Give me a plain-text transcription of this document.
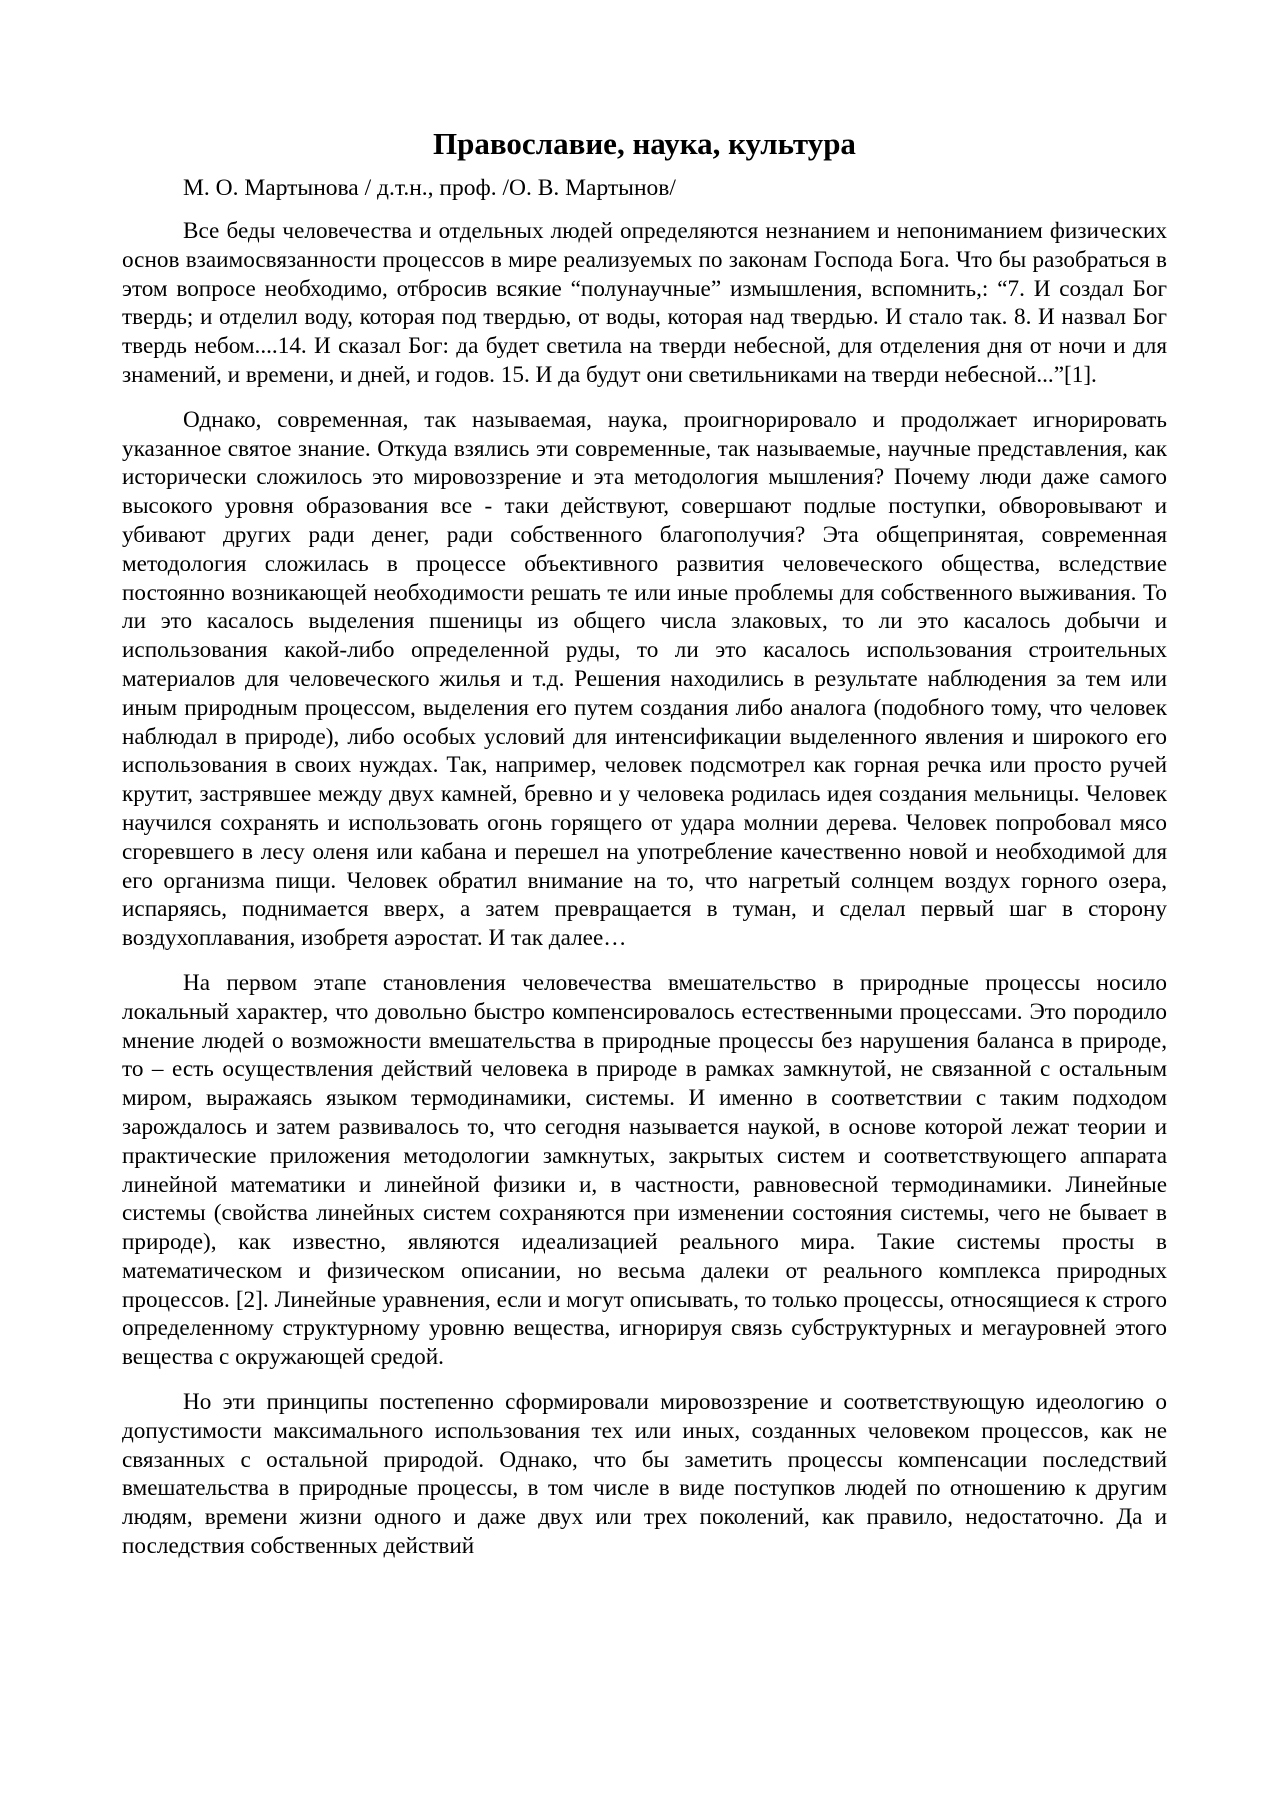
Православие, наука, культура

М. О. Мартынова / д.т.н., проф. /О. В. Мартынов/

Все беды человечества и отдельных людей определяются незнанием и непониманием физических основ взаимосвязанности процессов в мире реализуемых по законам Господа Бога. Что бы разобраться в этом вопросе необходимо, отбросив всякие “полунаучные” измышления, вспомнить,: “7. И создал Бог твердь; и отделил воду, которая под твердью, от воды, которая над твердью. И стало так. 8. И назвал Бог твердь небом....14. И сказал Бог: да будет светила на тверди небесной, для отделения дня от ночи и для знамений, и времени, и дней, и годов. 15. И да будут они светильниками на тверди небесной...”[1].

Однако, современная, так называемая, наука, проигнорировало и продолжает игнорировать указанное святое знание. Откуда взялись эти современные, так называемые, научные представления, как исторически сложилось это мировоззрение и эта методология мышления? Почему люди даже самого высокого уровня образования все - таки действуют, совершают подлые поступки, обворовывают и убивают других ради денег, ради собственного благополучия? Эта общепринятая, современная методология сложилась в процессе объективного развития человеческого общества, вследствие постоянно возникающей необходимости решать те или иные проблемы для собственного выживания. То ли это касалось выделения пшеницы из общего числа злаковых, то ли это касалось добычи и использования какой-либо определенной руды, то ли это касалось использования строительных материалов для человеческого жилья и т.д. Решения находились в результате наблюдения за тем или иным природным процессом, выделения его путем создания либо аналога (подобного тому, что человек наблюдал в природе), либо особых условий для интенсификации выделенного явления и широкого его использования в своих нуждах. Так, например, человек подсмотрел как горная речка или просто ручей крутит, застрявшее между двух камней, бревно и у человека родилась идея создания мельницы. Человек научился сохранять и использовать огонь горящего от удара молнии дерева. Человек попробовал мясо сгоревшего в лесу оленя или кабана и перешел на употребление качественно новой и необходимой для его организма пищи. Человек обратил внимание на то, что нагретый солнцем воздух горного озера, испаряясь, поднимается вверх, а затем превращается в туман, и сделал первый шаг в сторону воздухоплавания, изобретя аэростат. И так далее…

На первом этапе становления человечества вмешательство в природные процессы носило локальный характер, что довольно быстро компенсировалось естественными процессами. Это породило мнение людей о возможности вмешательства в природные процессы без нарушения баланса в природе, то – есть осуществления действий человека в природе в рамках замкнутой, не связанной с остальным миром, выражаясь языком термодинамики, системы. И именно в соответствии с таким подходом зарождалось и затем развивалось то, что сегодня называется наукой, в основе которой лежат теории и практические приложения методологии замкнутых, закрытых систем и соответствующего аппарата линейной математики и линейной физики и, в частности, равновесной термодинамики. Линейные системы (свойства линейных систем сохраняются при изменении состояния системы, чего не бывает в природе), как известно, являются идеализацией реального мира. Такие системы просты в математическом и физическом описании, но весьма далеки от реального комплекса природных процессов. [2]. Линейные уравнения, если и могут описывать, то только процессы, относящиеся к строго определенному структурному уровню вещества, игнорируя связь субструктурных и мегауровней этого вещества с окружающей средой.

Но эти принципы постепенно сформировали мировоззрение и соответствующую идеологию о допустимости максимального использования тех или иных, созданных человеком процессов, как не связанных с остальной природой. Однако, что бы заметить процессы компенсации последствий вмешательства в природные процессы, в том числе в виде поступков людей по отношению к другим людям, времени жизни одного и даже двух или трех поколений, как правило, недостаточно. Да и последствия собственных действий
